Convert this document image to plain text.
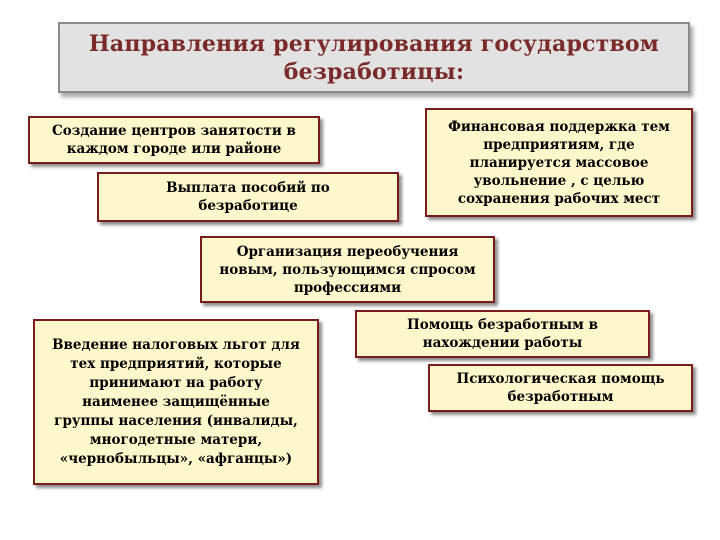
Направления регулирования государством
безработицы:
Создание центров занятости в
каждом городе или районе
Финансовая поддержка тем
предприятиям, где
планируется массовое
увольнение , с целью
сохранения рабочих мест
Выплата пособий по
безработице
Организация переобучения
новым, пользующимся спросом
профессиями
Введение налоговых льгот для
тех предприятий, которые
принимают на работу
наименее защищённые
группы населения (инвалиды,
многодетные матери,
«чернобыльцы», «афганцы»)
Помощь безработным в
нахождении работы
Психологическая помощь
безработным
